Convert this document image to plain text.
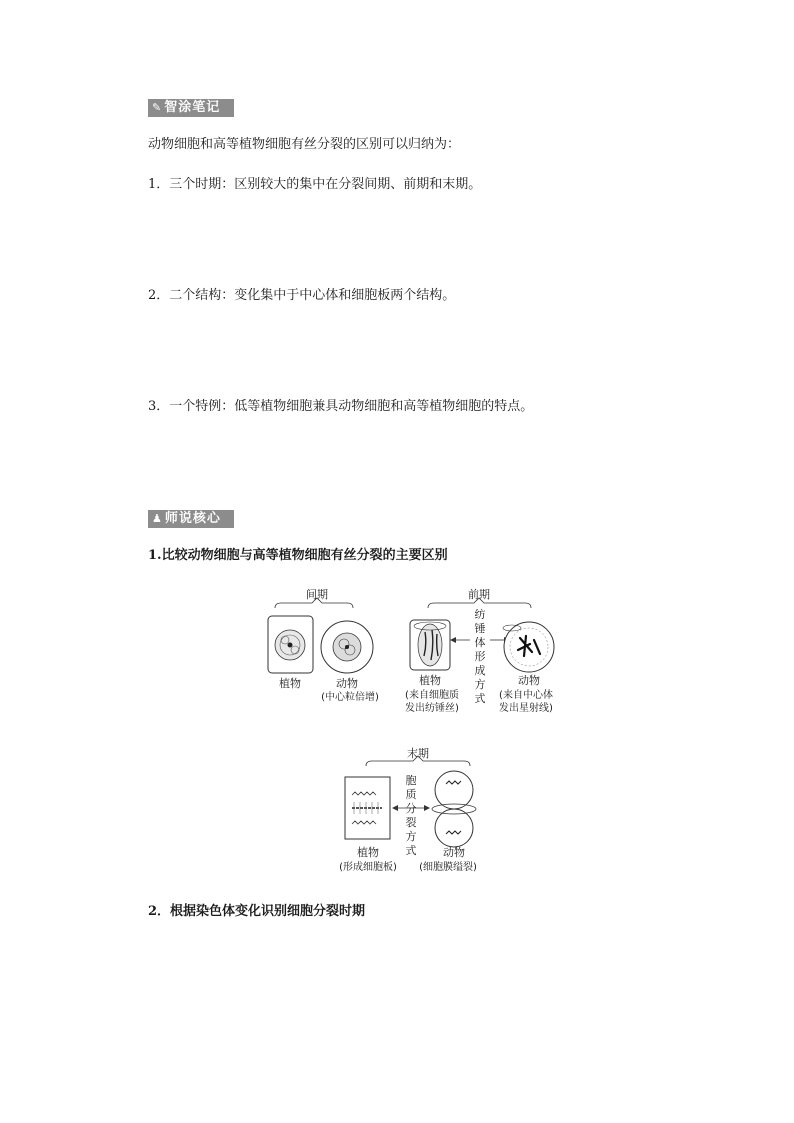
✎ 智涂笔记
动物细胞和高等植物细胞有丝分裂的区别可以归纳为：
1．三个时期：区别较大的集中在分裂间期、前期和末期。
2．二个结构：变化集中于中心体和细胞板两个结构。
3．一个特例：低等植物细胞兼具动物细胞和高等植物细胞的特点。
♟ 师说核心
1.比较动物细胞与高等植物细胞有丝分裂的主要区别
间期
植物	动物
(中心粒倍增)
前期
纺
锤
体
形
成
方
式
植物
(来自细胞质
发出纺锤丝)
动物
(来自中心体
发出星射线)
末期
胞
质
分
裂
方
式
植物
(形成细胞板)
动物
(细胞膜缢裂)
2．根据染色体变化识别细胞分裂时期
